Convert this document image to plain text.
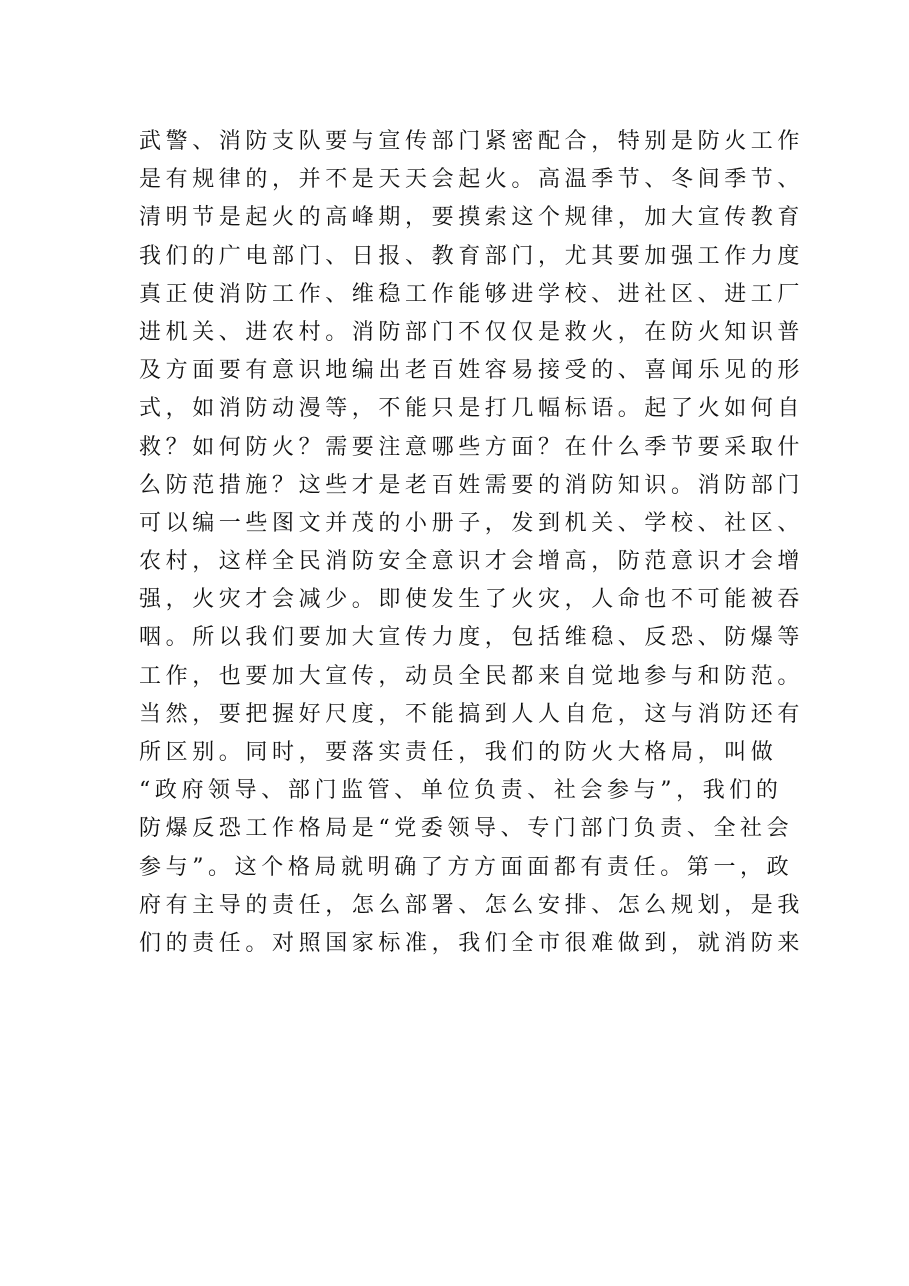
武警、消防支队要与宣传部门紧密配合，特别是防火工作
是有规律的，并不是天天会起火。高温季节、冬间季节、
清明节是起火的高峰期，要摸索这个规律，加大宣传教育
我们的广电部门、日报、教育部门，尤其要加强工作力度
真正使消防工作、维稳工作能够进学校、进社区、进工厂
进机关、进农村。消防部门不仅仅是救火，在防火知识普
及方面要有意识地编出老百姓容易接受的、喜闻乐见的形
式，如消防动漫等，不能只是打几幅标语。起了火如何自
救？如何防火？需要注意哪些方面？在什么季节要采取什
么防范措施？这些才是老百姓需要的消防知识。消防部门
可以编一些图文并茂的小册子，发到机关、学校、社区、
农村，这样全民消防安全意识才会增高，防范意识才会增
强，火灾才会减少。即使发生了火灾，人命也不可能被吞
咽。所以我们要加大宣传力度，包括维稳、反恐、防爆等
工作，也要加大宣传，动员全民都来自觉地参与和防范。
当然，要把握好尺度，不能搞到人人自危，这与消防还有
所区别。同时，要落实责任，我们的防火大格局，叫做
“政府领导、部门监管、单位负责、社会参与”，我们的
防爆反恐工作格局是“党委领导、专门部门负责、全社会
参与”。这个格局就明确了方方面面都有责任。第一，政
府有主导的责任，怎么部署、怎么安排、怎么规划，是我
们的责任。对照国家标准，我们全市很难做到，就消防来
